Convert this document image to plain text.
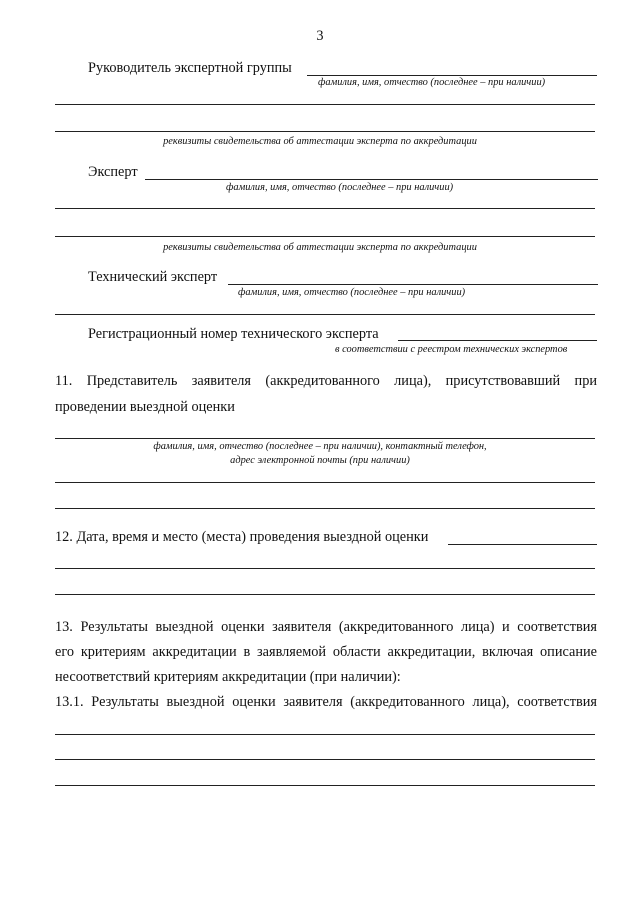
3
Руководитель экспертной группы
фамилия, имя, отчество (последнее – при наличии)
реквизиты свидетельства об аттестации эксперта по аккредитации
Эксперт
фамилия, имя, отчество (последнее – при наличии)
реквизиты свидетельства об аттестации эксперта по аккредитации
Технический эксперт
фамилия, имя, отчество (последнее – при наличии)
Регистрационный номер технического эксперта
в соответствии с реестром технических экспертов
11. Представитель заявителя (аккредитованного лица), присутствовавший при
проведении выездной оценки
фамилия, имя, отчество (последнее – при наличии), контактный телефон,
адрес электронной почты (при наличии)
12. Дата, время и место (места) проведения выездной оценки
13. Результаты выездной оценки заявителя (аккредитованного лица) и соответствия
его критериям аккредитации в заявляемой области аккредитации, включая описание
несоответствий критериям аккредитации (при наличии):
13.1. Результаты выездной оценки заявителя (аккредитованного лица), соответствия
